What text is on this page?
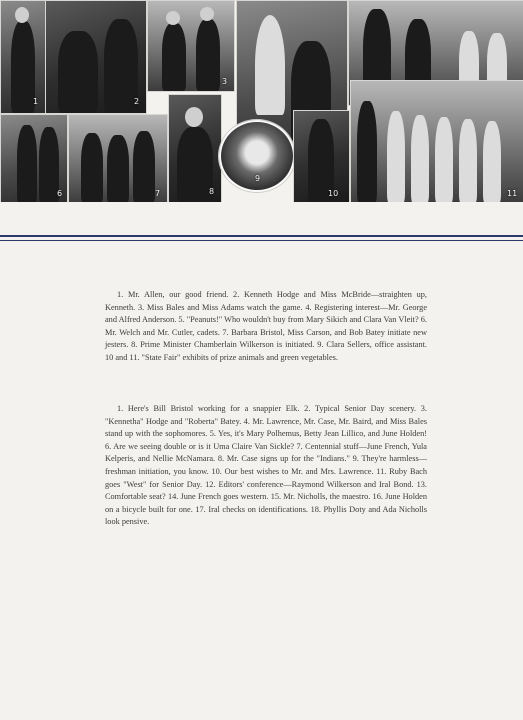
1	2
3
6	7	8
9
10	11

1. Mr. Allen, our good friend. 2. Kenneth Hodge and Miss McBride—straighten up, Kenneth. 3. Miss Bales and Miss Adams watch the game. 4. Registering interest—Mr. George and Alfred Anderson. 5. "Peanuts!" Who wouldn't buy from Mary Sikich and Clara Van Vleit? 6. Mr. Welch and Mr. Cutler, cadets. 7. Barbara Bristol, Miss Carson, and Bob Batey initiate new jesters. 8. Prime Minister Chamberlain Wilkerson is initiated. 9. Clara Sellers, office assistant. 10 and 11. "State Fair" exhibits of prize animals and green vegetables.

1. Here's Bill Bristol working for a snappier Elk. 2. Typical Senior Day scenery. 3. "Kennetha" Hodge and "Roberta" Batey. 4. Mr. Lawrence, Mr. Case, Mr. Baird, and Miss Bales stand up with the sophomores. 5. Yes, it's Mary Polhemus, Betty Jean Lillico, and June Holden! 6. Are we seeing double or is it Uma Claire Van Sickle? 7. Centennial stuff—June French, Yula Kelperis, and Nellie McNamara. 8. Mr. Case signs up for the "Indians." 9. They're harmless—freshman initiation, you know. 10. Our best wishes to Mr. and Mrs. Lawrence. 11. Ruby Bach goes "West" for Senior Day. 12. Editors' conference—Raymond Wilkerson and Iral Bond. 13. Comfortable seat? 14. June French goes western. 15. Mr. Nicholls, the maestro. 16. June Holden on a bicycle built for one. 17. Iral checks on identifications. 18. Phyllis Doty and Ada Nicholls look pensive.
